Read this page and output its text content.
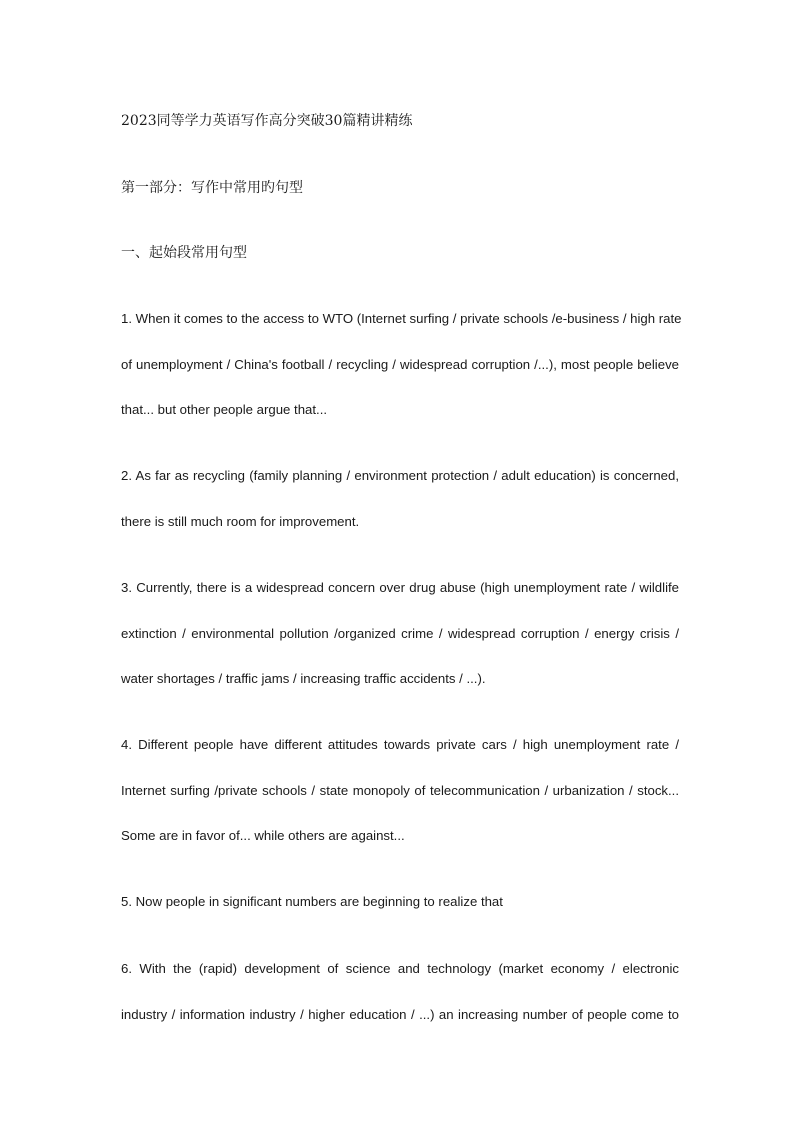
2023同等学力英语写作高分突破30篇精讲精练
第一部分：写作中常用旳句型
一、起始段常用句型

1. When it comes to the access to WTO (Internet surfing / private schools /e-business / high rate
of unemployment / China's football / recycling / widespread corruption /...), most people believe
that... but other people argue that...

2. As far as recycling (family planning / environment protection / adult education) is concerned,
there is still much room for improvement.

3. Currently, there is a widespread concern over drug abuse (high unemployment rate / wildlife
extinction / environmental pollution /organized crime / widespread corruption / energy crisis /
water shortages / traffic jams / increasing traffic accidents / ...).

4. Different people have different attitudes towards private cars / high unemployment rate /
Internet surfing /private schools / state monopoly of telecommunication / urbanization / stock...
Some are in favor of... while others are against...

5. Now people in significant numbers are beginning to realize that

6. With the (rapid) development of science and technology (market economy / electronic
industry / information industry / higher education / ...) an increasing number of people come to
